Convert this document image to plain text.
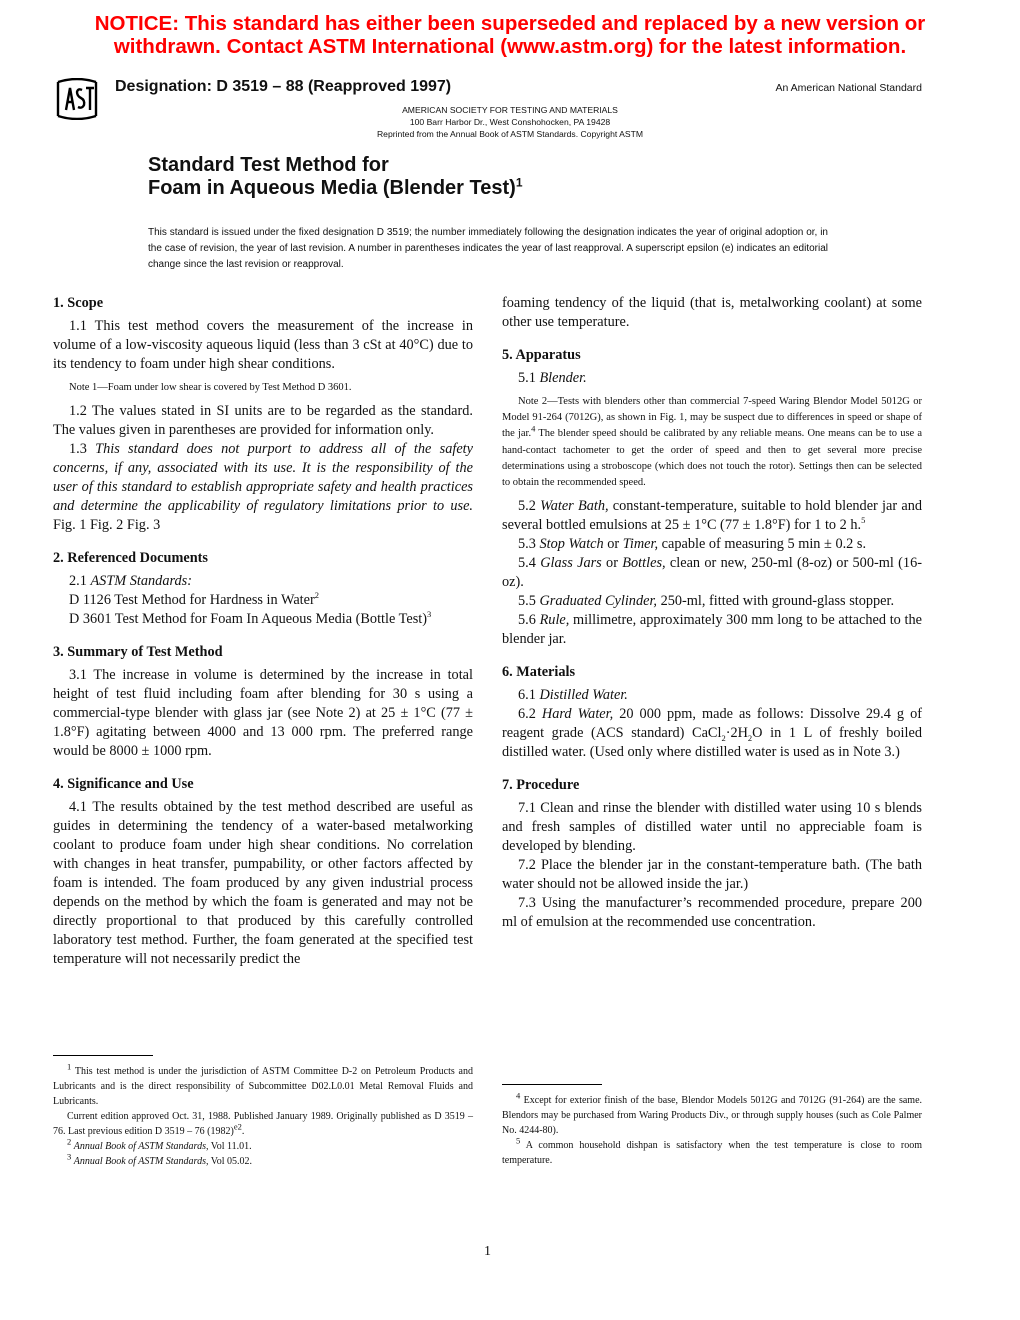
NOTICE: This standard has either been superseded and replaced by a new version or withdrawn. Contact ASTM International (www.astm.org) for the latest information.
Designation: D 3519 – 88 (Reapproved 1997)	An American National Standard
AMERICAN SOCIETY FOR TESTING AND MATERIALS
100 Barr Harbor Dr., West Conshohocken, PA 19428
Reprinted from the Annual Book of ASTM Standards. Copyright ASTM
Standard Test Method for
Foam in Aqueous Media (Blender Test)$^1$
This standard is issued under the fixed designation D 3519; the number immediately following the designation indicates the year of original adoption or, in the case of revision, the year of last revision. A number in parentheses indicates the year of last reapproval. A superscript epsilon (e) indicates an editorial change since the last revision or reapproval.
1. Scope

1.1 This test method covers the measurement of the increase in volume of a low-viscosity aqueous liquid (less than 3 cSt at 40°C) due to its tendency to foam under high shear conditions.

Note 1—Foam under low shear is covered by Test Method D 3601.

1.2 The values stated in SI units are to be regarded as the standard. The values given in parentheses are provided for information only.

1.3 This standard does not purport to address all of the safety concerns, if any, associated with its use. It is the responsibility of the user of this standard to establish appropriate safety and health practices and determine the applicability of regulatory limitations prior to use. Fig. 1 Fig. 2 Fig. 3

2. Referenced Documents

2.1 ASTM Standards:

D 1126 Test Method for Hardness in Water$^2$

D 3601 Test Method for Foam In Aqueous Media (Bottle Test)$^3$

3. Summary of Test Method

3.1 The increase in volume is determined by the increase in total height of test fluid including foam after blending for 30 s using a commercial-type blender with glass jar (see Note 2) at 25 ± 1°C (77 ± 1.8°F) agitating between 4000 and 13 000 rpm. The preferred range would be 8000 ± 1000 rpm.

4. Significance and Use

4.1 The results obtained by the test method described are useful as guides in determining the tendency of a water-based metalworking coolant to produce foam under high shear conditions. No correlation with changes in heat transfer, pumpability, or other factors affected by foam is intended. The foam produced by any given industrial process depends on the method by which the foam is generated and may not be directly proportional to that produced by this carefully controlled laboratory test method. Further, the foam generated at the specified test temperature will not necessarily predict the

$^1$ This test method is under the jurisdiction of ASTM Committee D-2 on Petroleum Products and Lubricants and is the direct responsibility of Subcommittee D02.L0.01 Metal Removal Fluids and Lubricants.

Current edition approved Oct. 31, 1988. Published January 1989. Originally published as D 3519 – 76. Last previous edition D 3519 – 76 $(1982)^{e2}$.

$^2$ Annual Book of ASTM Standards, Vol 11.01.

$^3$ Annual Book of ASTM Standards, Vol 05.02.

foaming tendency of the liquid (that is, metalworking coolant) at some other use temperature.

5. Apparatus

5.1 Blender.

Note 2—Tests with blenders other than commercial 7-speed Waring Blendor Model 5012G or Model 91-264 (7012G), as shown in Fig. 1, may be suspect due to differences in speed or shape of the jar.$^4$ The blender speed should be calibrated by any reliable means. One means can be to use a hand-contact tachometer to get the order of speed and then to get several more precise determinations using a stroboscope (which does not touch the rotor). Settings then can be selected to obtain the recommended speed.

5.2 Water Bath, constant-temperature, suitable to hold blender jar and several bottled emulsions at 25 ± 1°C (77 ± 1.8°F) for 1 to 2 h.$^5$

5.3 Stop Watch or Timer, capable of measuring 5 min ± 0.2 s.

5.4 Glass Jars or Bottles, clean or new, 250-ml (8-oz) or 500-ml (16-oz).

5.5 Graduated Cylinder, 250-ml, fitted with ground-glass stopper.

5.6 Rule, millimetre, approximately 300 mm long to be attached to the blender jar.

6. Materials

6.1 Distilled Water.

6.2 Hard Water, 20 000 ppm, made as follows: Dissolve 29.4 g of reagent grade (ACS standard) $CaCl_2\cdot 2H_2O$ in 1 L of freshly boiled distilled water. (Used only where distilled water is used as in Note 3.)

7. Procedure

7.1 Clean and rinse the blender with distilled water using 10 s blends and fresh samples of distilled water until no appreciable foam is developed by blending.

7.2 Place the blender jar in the constant-temperature bath. (The bath water should not be allowed inside the jar.)

7.3 Using the manufacturer’s recommended procedure, prepare 200 ml of emulsion at the recommended use concentration.

$^4$ Except for exterior finish of the base, Blendor Models 5012G and 7012G (91-264) are the same. Blendors may be purchased from Waring Products Div., or through supply houses (such as Cole Palmer No. 4244-80).

$^5$ A common household dishpan is satisfactory when the test temperature is close to room temperature.

1
